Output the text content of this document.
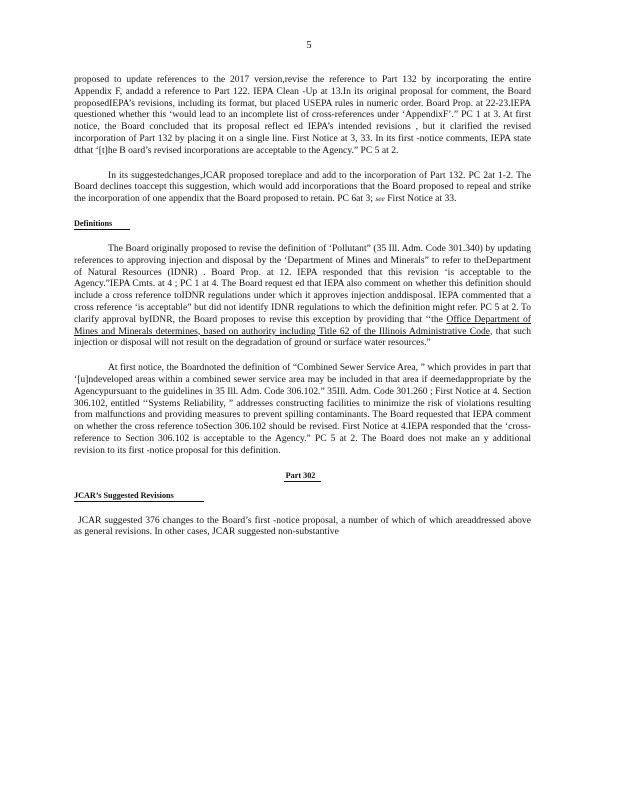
5

proposed to update references to the 2017 version,revise the reference to Part 132 by incorporating the entire Appendix F, andadd a reference to Part 122. IEPA Clean -Up at 13.In its original proposal for comment, the Board proposedIEPA’s revisions, including its format, but placed USEPA rules in numeric order. Board Prop. at 22-23.IEPA questioned whether this ‘would lead to an incomplete list of cross-references under ‘AppendixF’.” PC 1 at 3. At first notice, the Board concluded that its proposal reflect ed IEPA’s intended revisions , but it clarified the revised incorporation of Part 132 by placing it on a single line. First Notice at 3, 33. In its first -notice comments, IEPA state dthat ‘[t]he B oard’s revised incorporations are acceptable to the Agency.” PC 5 at 2.

In its suggestedchanges,JCAR proposed toreplace and add to the incorporation of Part 132. PC 2at 1-2. The Board declines toaccept this suggestion, which would add incorporations that the Board proposed to repeal and strike the incorporation of one appendix that the Board proposed to retain. PC 6at 3; see First Notice at 33.

Definitions

The Board originally proposed to revise the definition of ‘Pollutant” (35 Ill. Adm. Code 301.340) by updating references to approving injection and disposal by the ‘Department of Mines and Minerals” to refer to theDepartment of Natural Resources (IDNR) . Board Prop. at 12. IEPA responded that this revision ‘is acceptable to the Agency.”IEPA Cmts. at 4 ; PC 1 at 4. The Board request ed that IEPA also comment on whether this definition should include a cross reference toIDNR regulations under which it approves injection anddisposal. IEPA commented that a cross reference ‘is acceptable” but did not identify IDNR regulations to which the definition might refer. PC 5 at 2. To clarify approval byIDNR, the Board proposes to revise this exception by providing that ‘‘the Office Department of Mines and Minerals determines, based on authority including Title 62 of the Illinois Administrative Code, that such injection or disposal will not result on the degradation of ground or surface water resources.”

At first notice, the Boardnoted the definition of “Combined Sewer Service Area, ” which provides in part that ‘[u]ndeveloped areas within a combined sewer service area may be included in that area if deemedappropriate by the Agencypursuant to the guidelines in 35 Ill. Adm. Code 306.102.” 35Ill. Adm. Code 301.260 ; First Notice at 4. Section 306.102, entitled ‘‘Systems Reliability, ” addresses constructing facilities to minimize the risk of violations resulting from malfunctions and providing measures to prevent spilling contaminants. The Board requested that IEPA comment on whether the cross reference toSection 306.102 should be revised. First Notice at 4.IEPA responded that the ‘cross-reference to Section 306.102 is acceptable to the Agency.” PC 5 at 2. The Board does not make an y additional revision to its first -notice proposal for this definition.

Part 302
JCAR’s Suggested Revisions

JCAR suggested 376 changes to the Board’s first -notice proposal, a number of which of which areaddressed above as general revisions. In other cases, JCAR suggested non-substantive
